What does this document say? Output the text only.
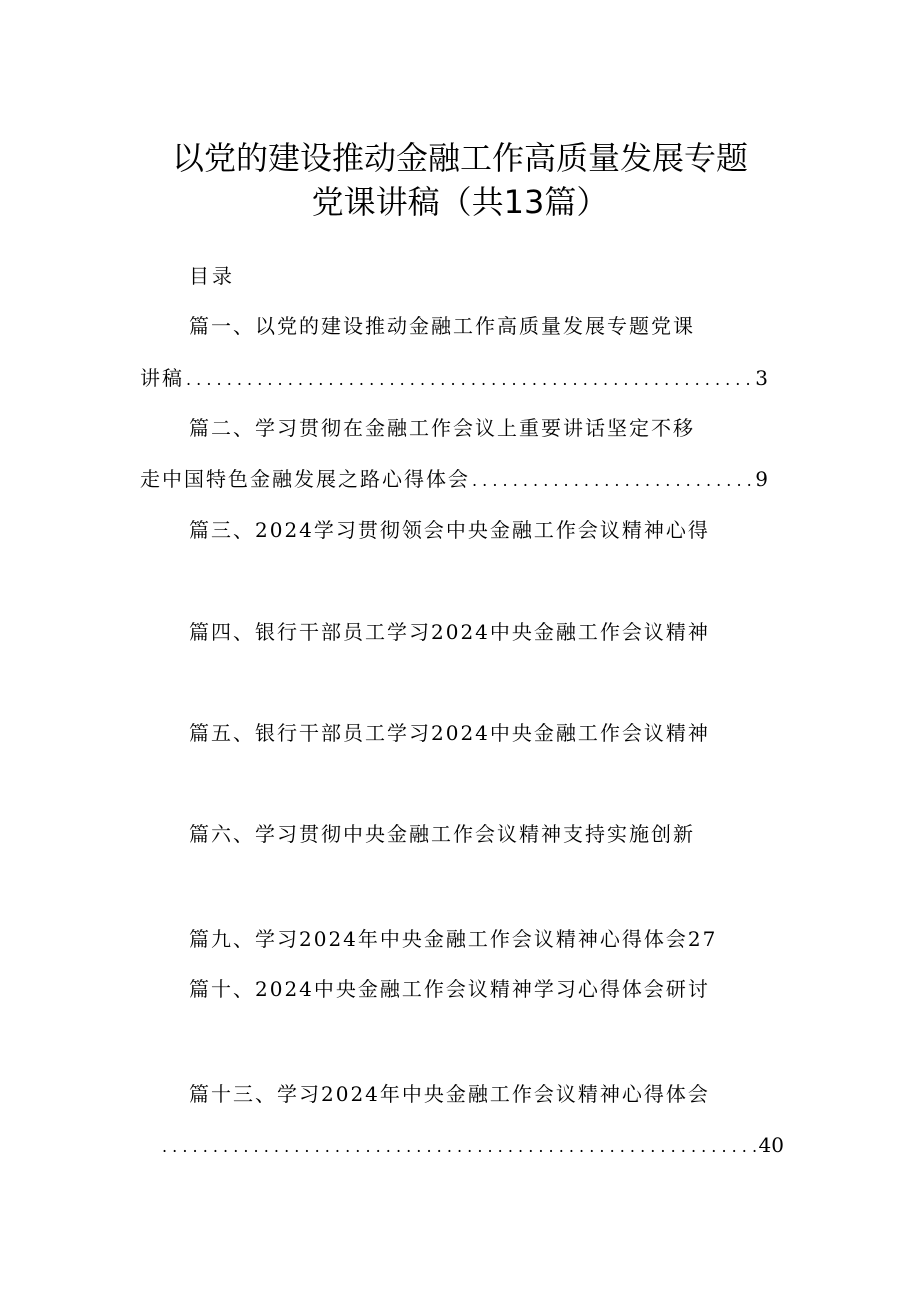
以党的建设推动金融工作高质量发展专题
党课讲稿（共13篇）
目录
篇一、以党的建设推动金融工作高质量发展专题党课
讲稿 . . .	3
篇二、学习贯彻在金融工作会议上重要讲话坚定不移
走中国特色金融发展之路心得体会 . . .	9
篇三、2024学习贯彻领会中央金融工作会议精神心得
篇四、银行干部员工学习2024中央金融工作会议精神
篇五、银行干部员工学习2024中央金融工作会议精神
篇六、学习贯彻中央金融工作会议精神支持实施创新
篇九、学习2024年中央金融工作会议精神心得体会27
篇十、2024中央金融工作会议精神学习心得体会研讨
篇十三、学习2024年中央金融工作会议精神心得体会
. . .
40
